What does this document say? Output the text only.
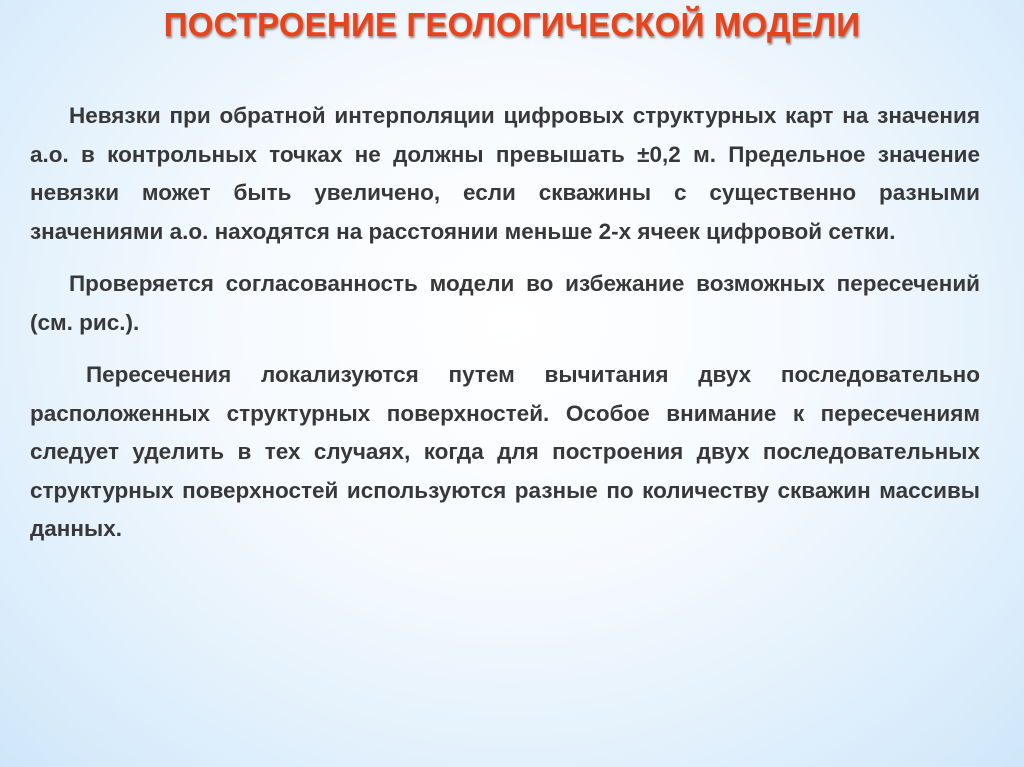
ПОСТРОЕНИЕ ГЕОЛОГИЧЕСКОЙ МОДЕЛИ

Невязки при обратной интерполяции цифровых структурных карт на значения а.о. в контрольных точках не должны превышать ±0,2 м. Предельное значение невязки может быть увеличено, если скважины с существенно разными значениями а.о. находятся на расстоянии меньше 2-х ячеек цифровой сетки.

Проверяется согласованность модели во избежание возможных пересечений (см. рис.).

Пересечения локализуются путем вычитания двух последовательно расположенных структурных поверхностей. Особое внимание к пересечениям следует уделить в тех случаях, когда для построения двух последовательных структурных поверхностей используются разные по количеству скважин массивы данных.
